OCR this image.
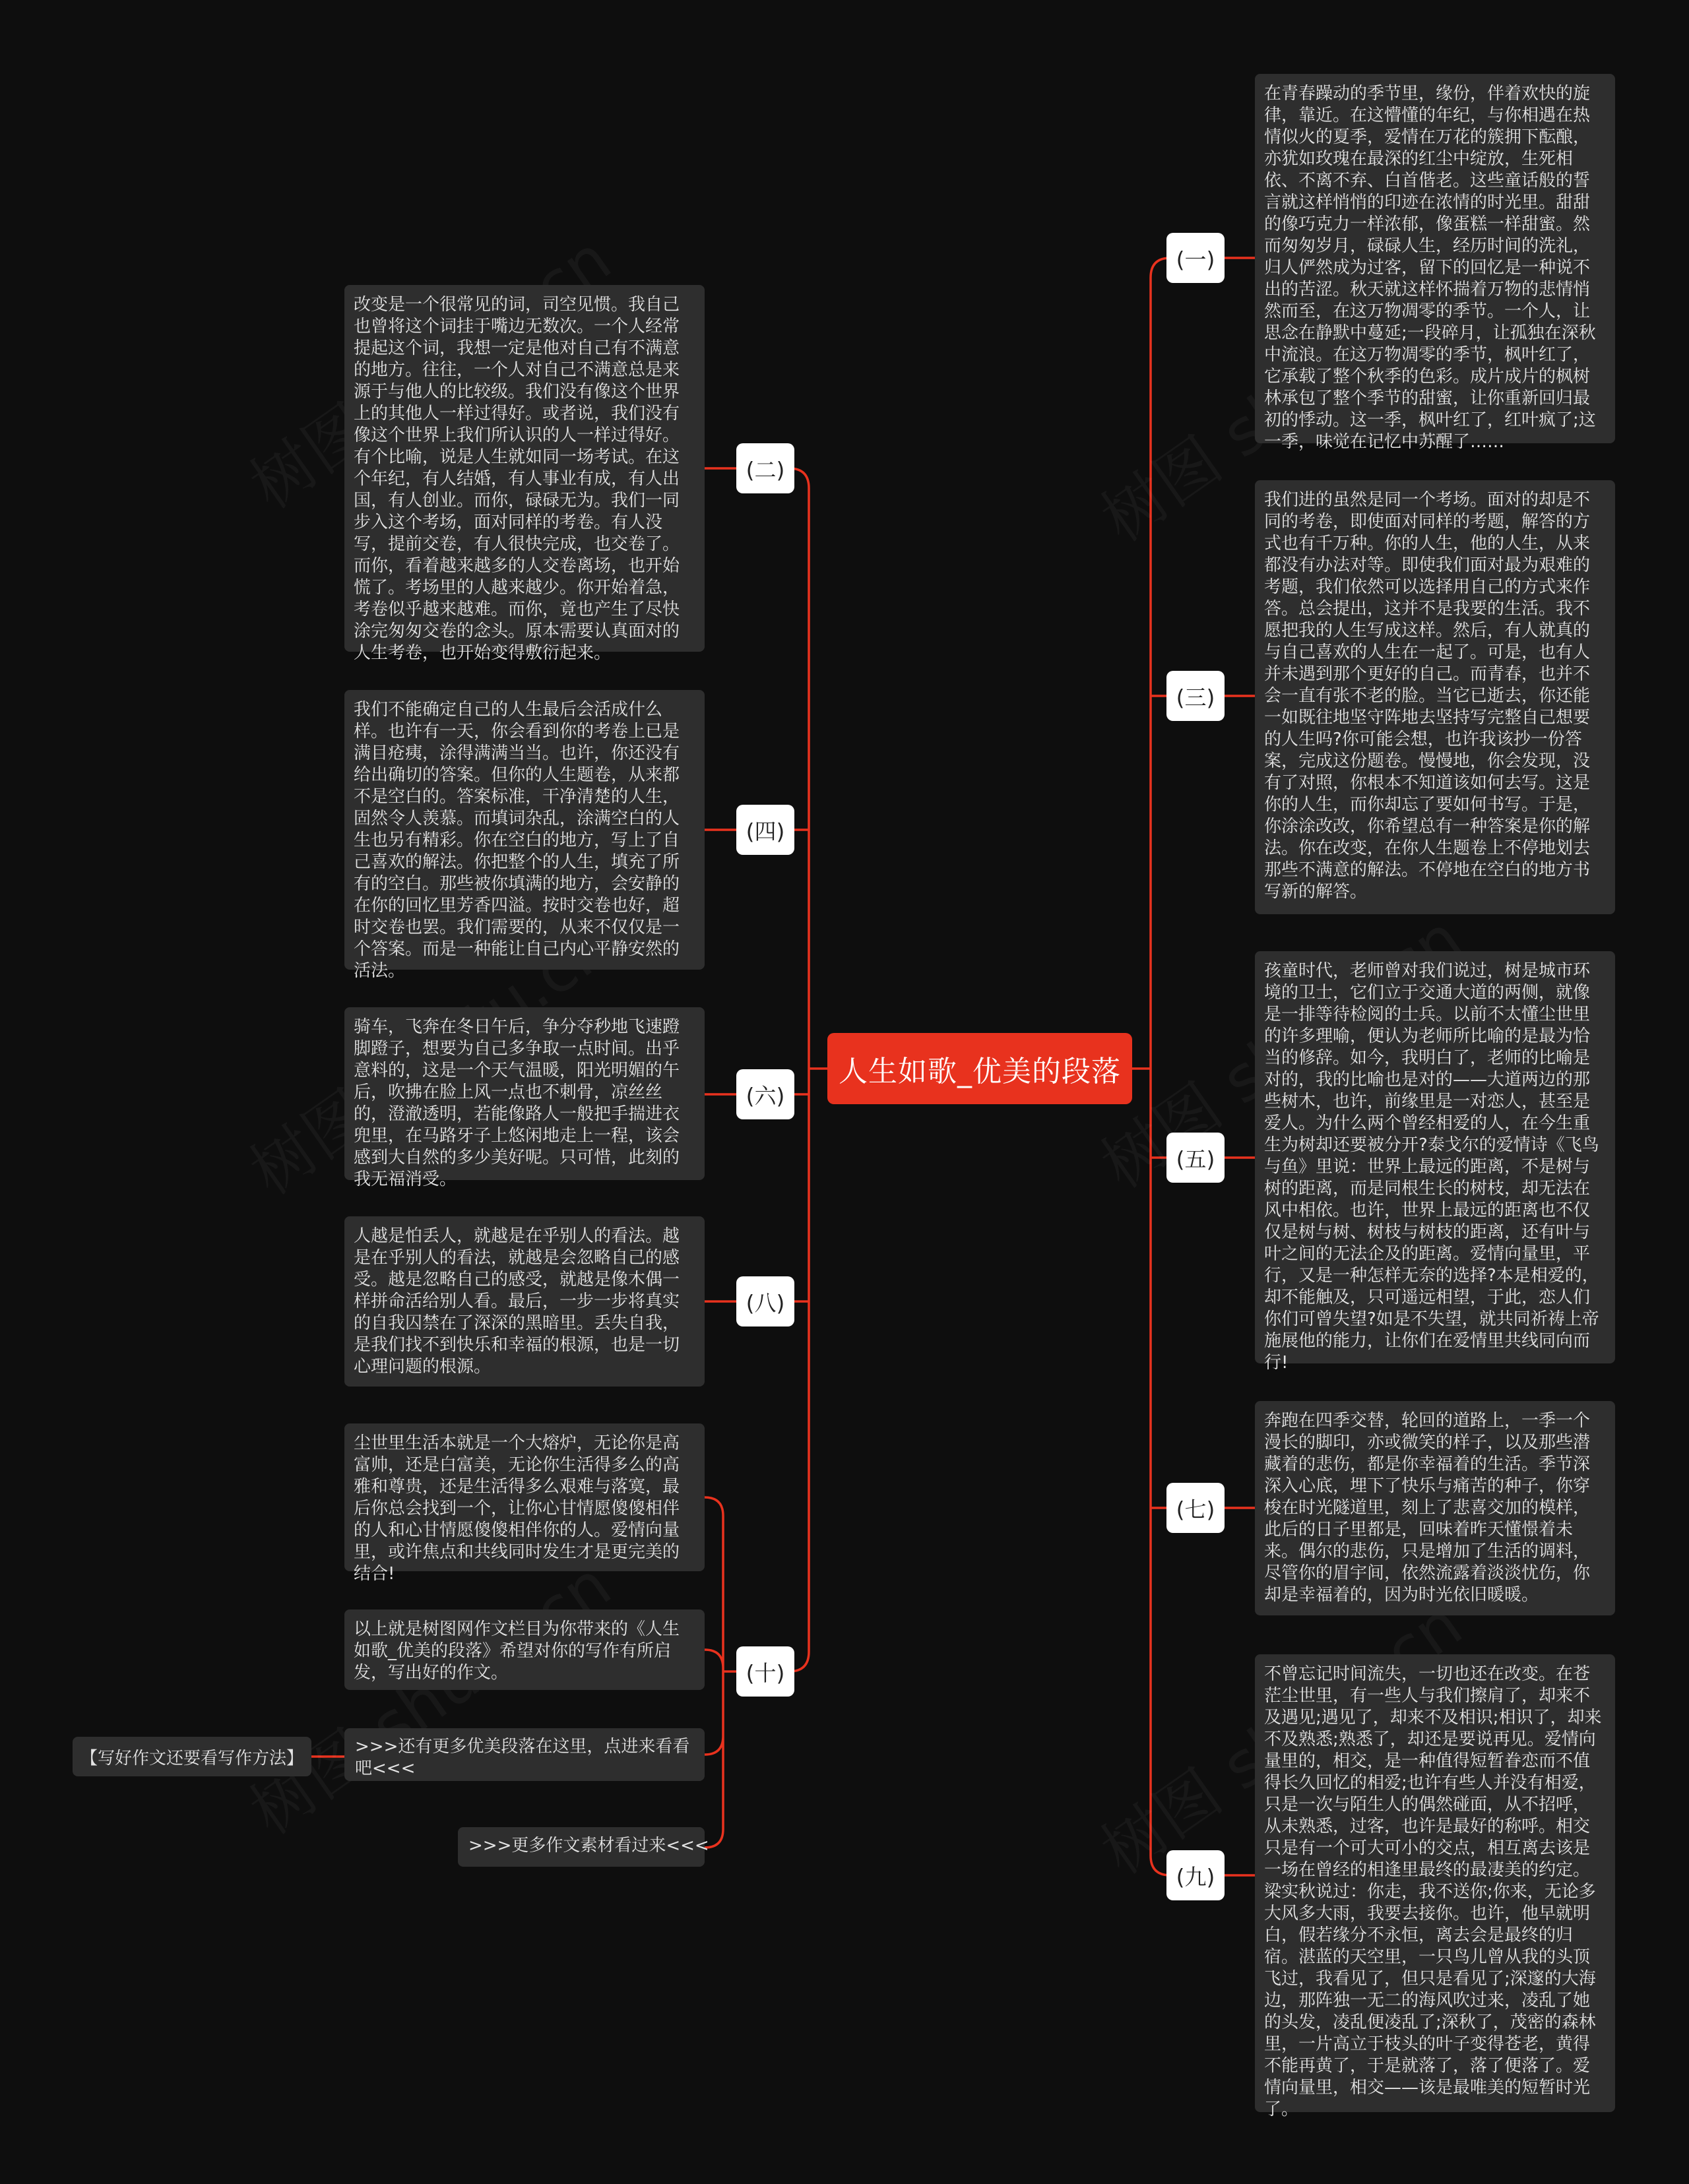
人生如歌_优美的段落
(一)
(三)
(五)
(七)
(九)
(二)
(四)
(六)
(八)
(十)
在青春躁动的季节里，缘份，伴着欢快的旋律，靠近。在这懵懂的年纪，与你相遇在热情似火的夏季，爱情在万花的簇拥下酝酿，亦犹如玫瑰在最深的红尘中绽放，生死相依、不离不弃、白首偕老。这些童话般的誓言就这样悄悄的印迹在浓情的时光里。甜甜的像巧克力一样浓郁，像蛋糕一样甜蜜。然而匆匆岁月，碌碌人生，经历时间的洗礼，归人俨然成为过客，留下的回忆是一种说不出的苦涩。秋天就这样怀揣着万物的悲情悄然而至，在这万物凋零的季节。一个人，让思念在静默中蔓延;一段碎月，让孤独在深秋中流浪。在这万物凋零的季节，枫叶红了，它承载了整个秋季的色彩。成片成片的枫树林承包了整个季节的甜蜜，让你重新回归最初的悸动。这一季，枫叶红了，红叶疯了;这一季，味觉在记忆中苏醒了……
我们进的虽然是同一个考场。面对的却是不同的考卷，即使面对同样的考题，解答的方式也有千万种。你的人生，他的人生，从来都没有办法对等。即使我们面对最为艰难的考题，我们依然可以选择用自己的方式来作答。总会提出，这并不是我要的生活。我不愿把我的人生写成这样。然后，有人就真的与自己喜欢的人生在一起了。可是，也有人并未遇到那个更好的自己。而青春，也并不会一直有张不老的脸。当它已逝去，你还能一如既往地坚守阵地去坚持写完整自己想要的人生吗?你可能会想，也许我该抄一份答案，完成这份题卷。慢慢地，你会发现，没有了对照，你根本不知道该如何去写。这是你的人生，而你却忘了要如何书写。于是，你涂涂改改，你希望总有一种答案是你的解法。你在改变，在你人生题卷上不停地划去那些不满意的解法。不停地在空白的地方书写新的解答。
孩童时代，老师曾对我们说过，树是城市环境的卫士，它们立于交通大道的两侧，就像是一排等待检阅的士兵。以前不太懂尘世里的许多理喻，便认为老师所比喻的是最为恰当的修辞。如今，我明白了，老师的比喻是对的，我的比喻也是对的——大道两边的那些树木，也许，前缘里是一对恋人，甚至是爱人。为什么两个曾经相爱的人，在今生重生为树却还要被分开?泰戈尔的爱情诗《飞鸟与鱼》里说：世界上最远的距离，不是树与树的距离，而是同根生长的树枝，却无法在风中相依。也许，世界上最远的距离也不仅仅是树与树、树枝与树枝的距离，还有叶与叶之间的无法企及的距离。爱情向量里，平行，又是一种怎样无奈的选择?本是相爱的，却不能触及，只可遥远相望，于此，恋人们你们可曾失望?如是不失望，就共同祈祷上帝施展他的能力，让你们在爱情里共线同向而行!
奔跑在四季交替，轮回的道路上，一季一个漫长的脚印，亦或微笑的样子，以及那些潜藏着的悲伤，都是你幸福着的生活。季节深深入心底，埋下了快乐与痛苦的种子，你穿梭在时光隧道里，刻上了悲喜交加的模样，此后的日子里都是，回味着昨天懂憬着未来。偶尔的悲伤，只是增加了生活的调料，尽管你的眉宇间，依然流露着淡淡忧伤，你却是幸福着的，因为时光依旧暖暖。
不曾忘记时间流失，一切也还在改变。在苍茫尘世里，有一些人与我们擦肩了，却来不及遇见;遇见了，却来不及相识;相识了，却来不及熟悉;熟悉了，却还是要说再见。爱情向量里的，相交，是一种值得短暂眷恋而不值得长久回忆的相爱;也许有些人并没有相爱，只是一次与陌生人的偶然碰面，从不招呼，从未熟悉，过客，也许是最好的称呼。相交只是有一个可大可小的交点，相互离去该是一场在曾经的相逢里最终的最凄美的约定。梁实秋说过：你走，我不送你;你来，无论多大风多大雨，我要去接你。也许，他早就明白，假若缘分不永恒，离去会是最终的归宿。湛蓝的天空里，一只鸟儿曾从我的头顶飞过，我看见了，但只是看见了;深邃的大海边，那阵独一无二的海风吹过来，凌乱了她的头发，凌乱便凌乱了;深秋了，茂密的森林里，一片高立于枝头的叶子变得苍老，黄得不能再黄了，于是就落了，落了便落了。爱情向量里，相交——该是最唯美的短暂时光了。
改变是一个很常见的词，司空见惯。我自己也曾将这个词挂于嘴边无数次。一个人经常提起这个词，我想一定是他对自己有不满意的地方。往往，一个人对自己不满意总是来源于与他人的比较级。我们没有像这个世界上的其他人一样过得好。或者说，我们没有像这个世界上我们所认识的人一样过得好。有个比喻，说是人生就如同一场考试。在这个年纪，有人结婚，有人事业有成，有人出国，有人创业。而你，碌碌无为。我们一同步入这个考场，面对同样的考卷。有人没写，提前交卷，有人很快完成，也交卷了。而你，看着越来越多的人交卷离场，也开始慌了。考场里的人越来越少。你开始着急，考卷似乎越来越难。而你，竟也产生了尽快涂完匆匆交卷的念头。原本需要认真面对的人生考卷，也开始变得敷衍起来。
我们不能确定自己的人生最后会活成什么样。也许有一天，你会看到你的考卷上已是满目疮痍，涂得满满当当。也许，你还没有给出确切的答案。但你的人生题卷，从来都不是空白的。答案标准，干净清楚的人生，固然令人羡慕。而填词杂乱，涂满空白的人生也另有精彩。你在空白的地方，写上了自己喜欢的解法。你把整个的人生，填充了所有的空白。那些被你填满的地方，会安静的在你的回忆里芳香四溢。按时交卷也好，超时交卷也罢。我们需要的，从来不仅仅是一个答案。而是一种能让自己内心平静安然的活法。
骑车，飞奔在冬日午后，争分夺秒地飞速蹬脚蹬子，想要为自己多争取一点时间。出乎意料的，这是一个天气温暖，阳光明媚的午后，吹拂在脸上风一点也不刺骨，凉丝丝的，澄澈透明，若能像路人一般把手揣进衣兜里，在马路牙子上悠闲地走上一程，该会感到大自然的多少美好呢。只可惜，此刻的我无福消受。
人越是怕丢人，就越是在乎别人的看法。越是在乎别人的看法，就越是会忽略自己的感受。越是忽略自己的感受，就越是像木偶一样拼命活给别人看。最后，一步一步将真实的自我囚禁在了深深的黑暗里。丢失自我，是我们找不到快乐和幸福的根源，也是一切心理问题的根源。
尘世里生活本就是一个大熔炉，无论你是高富帅，还是白富美，无论你生活得多么的高雅和尊贵，还是生活得多么艰难与落寞，最后你总会找到一个，让你心甘情愿傻傻相伴的人和心甘情愿傻傻相伴你的人。爱情向量里，或许焦点和共线同时发生才是更完美的结合!
以上就是树图网作文栏目为你带来的《人生如歌_优美的段落》希望对你的写作有所启发，写出好的作文。
>>>还有更多优美段落在这里，点进来看看吧<<<
>>>更多作文素材看过来<<<
【写好作文还要看写作方法】
